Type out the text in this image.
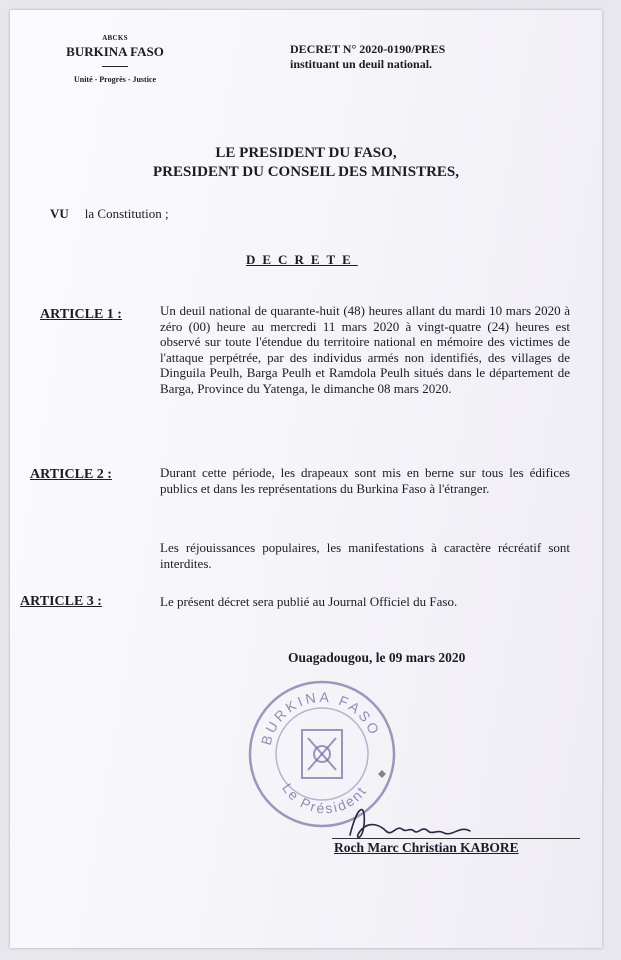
ABCKS
BURKINA FASO
Unité - Progrès - Justice
DECRET N° 2020-0190/PRES
instituant un deuil national.
LE PRESIDENT DU FASO,
PRESIDENT DU CONSEIL DES MINISTRES,
VU la Constitution ;
DECRETE
ARTICLE 1 :	Un deuil national de quarante-huit (48) heures allant du mardi 10 mars 2020 à zéro (00) heure au mercredi 11 mars 2020 à vingt-quatre (24) heures est observé sur toute l'étendue du territoire national en mémoire des victimes de l'attaque perpétrée, par des individus armés non identifiés, des villages de Dinguila Peulh, Barga Peulh et Ramdola Peulh situés dans le département de Barga, Province du Yatenga, le dimanche 08 mars 2020.
ARTICLE 2 :	Durant cette période, les drapeaux sont mis en berne sur tous les édifices publics et dans les représentations du Burkina Faso à l'étranger.
Les réjouissances populaires, les manifestations à caractère récréatif sont interdites.
ARTICLE 3 :	Le présent décret sera publié au Journal Officiel du Faso.
Ouagadougou, le 09 mars 2020
BURKINA FASO
Le Président
Roch Marc Christian KABORE
